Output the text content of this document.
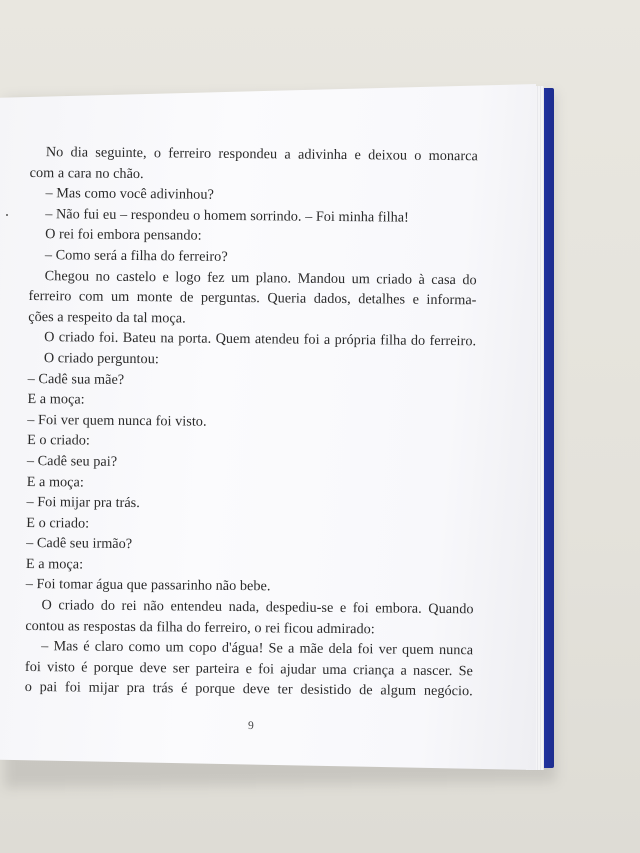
No dia seguinte, o ferreiro respondeu a adivinha e deixou o monarca
com a cara no chão.
– Mas como você adivinhou?
– Não fui eu – respondeu o homem sorrindo. – Foi minha filha!
O rei foi embora pensando:
– Como será a filha do ferreiro?
Chegou no castelo e logo fez um plano. Mandou um criado à casa do
ferreiro com um monte de perguntas. Queria dados, detalhes e informa-
ções a respeito da tal moça.
O criado foi. Bateu na porta. Quem atendeu foi a própria filha do ferreiro.
O criado perguntou:
– Cadê sua mãe?
E a moça:
– Foi ver quem nunca foi visto.
E o criado:
– Cadê seu pai?
E a moça:
– Foi mijar pra trás.
E o criado:
– Cadê seu irmão?
E a moça:
– Foi tomar água que passarinho não bebe.
O criado do rei não entendeu nada, despediu-se e foi embora. Quando
contou as respostas da filha do ferreiro, o rei ficou admirado:
– Mas é claro como um copo d'água! Se a mãe dela foi ver quem nunca
foi visto é porque deve ser parteira e foi ajudar uma criança a nascer. Se
o pai foi mijar pra trás é porque deve ter desistido de algum negócio.
9
